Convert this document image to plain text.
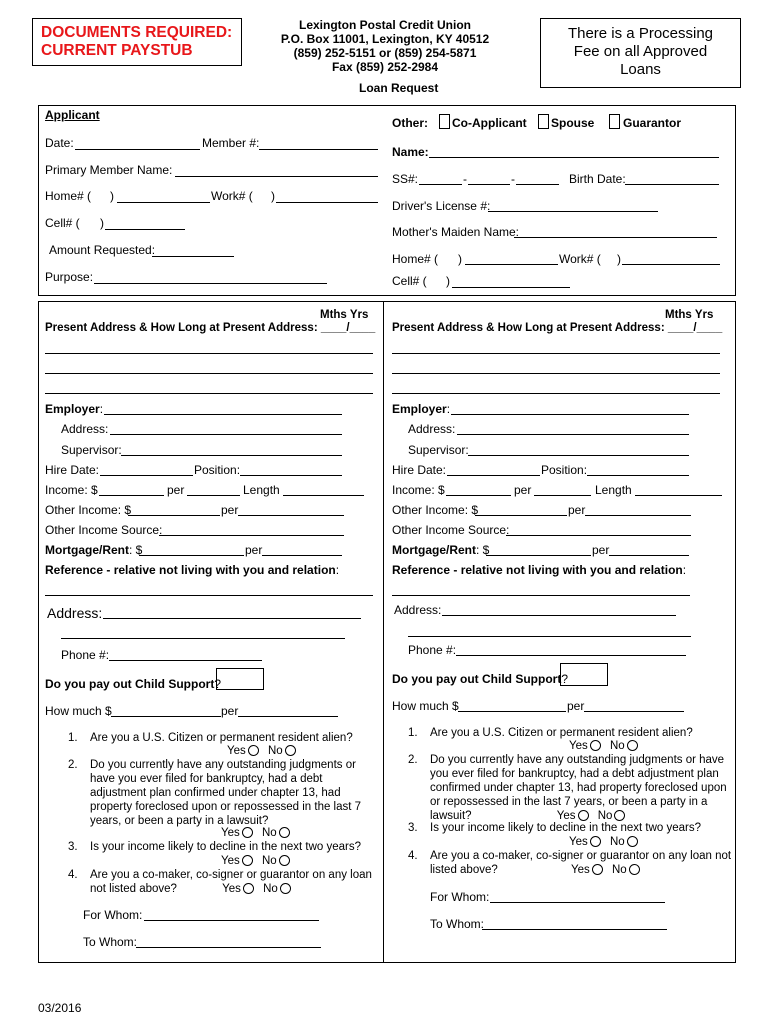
DOCUMENTS REQUIRED:
CURRENT PAYSTUB
Lexington Postal Credit Union
P.O. Box 11001, Lexington, KY 40512
(859) 252-5151 or (859) 254-5871
Fax (859) 252-2984
There is a Processing
Fee on all Approved
Loans
Loan Request
Applicant
Date:	Member #:
Primary Member Name:
Home# ( )	Work# ( )
Cell# ( )
Amount Requested:
Purpose:
Other: Co-Applicant Spouse Guarantor
Name:
SS#:	-	-	Birth Date:
Driver's License #:
Mother's Maiden Name:
Home# ( )	Work# ( )
Cell# ( )
Mths Yrs
Present Address & How Long at Present Address: ____/____
Employer:
Address:
Supervisor:
Hire Date:	Position:
Income: $	per	Length
Other Income: $	per
Other Income Source:
Mortgage/Rent: $	per
Reference - relative not living with you and relation:
Address:
Phone #:
Do you pay out Child Support?
How much $	per
1. Are you a U.S. Citizen or permanent resident alien?
Yes No
2. Do you currently have any outstanding judgments or
have you ever filed for bankruptcy, had a debt
adjustment plan confirmed under chapter 13, had
property foreclosed upon or repossessed in the last 7
years, or been a party in a lawsuit?
Yes No
3. Is your income likely to decline in the next two years?
Yes No
4. Are you a co-maker, co-signer or guarantor on any loan
not listed above?	Yes No
For Whom:
To Whom:
Mths Yrs
Present Address & How Long at Present Address: ____/____
Employer:
Address:
Supervisor:
Hire Date:	Position:
Income: $	per	Length
Other Income: $	per
Other Income Source:
Mortgage/Rent: $	per
Reference - relative not living with you and relation:
Address:
Phone #:
Do you pay out Child Support?
How much $	per
1. Are you a U.S. Citizen or permanent resident alien?
Yes No
2. Do you currently have any outstanding judgments or have
you ever filed for bankruptcy, had a debt adjustment plan
confirmed under chapter 13, had property foreclosed upon
or repossessed in the last 7 years, or been a party in a
lawsuit?	Yes No
3. Is your income likely to decline in the next two years?
Yes No
4. Are you a co-maker, co-signer or guarantor on any loan not
listed above?	Yes No
For Whom:
To Whom:
03/2016
